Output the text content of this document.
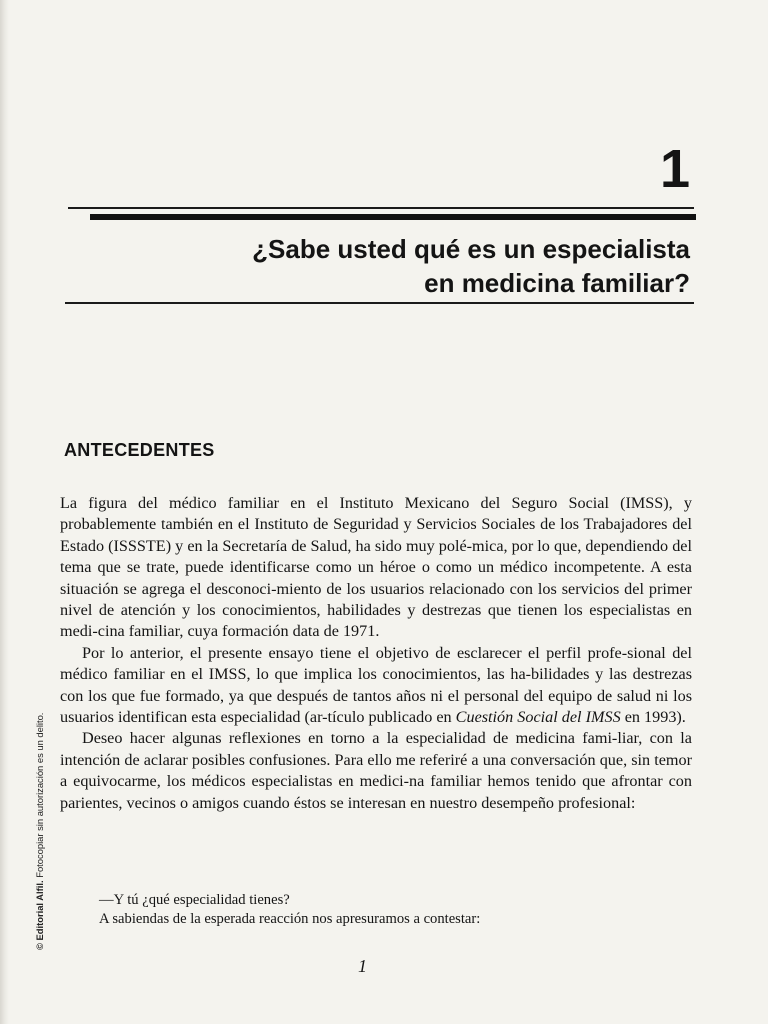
1
¿Sabe usted qué es un especialista
en medicina familiar?
ANTECEDENTES

La figura del médico familiar en el Instituto Mexicano del Seguro Social (IMSS), y probablemente también en el Instituto de Seguridad y Servicios Sociales de los Trabajadores del Estado (ISSSTE) y en la Secretaría de Salud, ha sido muy polé-mica, por lo que, dependiendo del tema que se trate, puede identificarse como un héroe o como un médico incompetente. A esta situación se agrega el desconoci-miento de los usuarios relacionado con los servicios del primer nivel de atención y los conocimientos, habilidades y destrezas que tienen los especialistas en medi-cina familiar, cuya formación data de 1971.

Por lo anterior, el presente ensayo tiene el objetivo de esclarecer el perfil profe-sional del médico familiar en el IMSS, lo que implica los conocimientos, las ha-bilidades y las destrezas con los que fue formado, ya que después de tantos años ni el personal del equipo de salud ni los usuarios identifican esta especialidad (ar-tículo publicado en Cuestión Social del IMSS en 1993).

Deseo hacer algunas reflexiones en torno a la especialidad de medicina fami-liar, con la intención de aclarar posibles confusiones. Para ello me referiré a una conversación que, sin temor a equivocarme, los médicos especialistas en medici-na familiar hemos tenido que afrontar con parientes, vecinos o amigos cuando éstos se interesan en nuestro desempeño profesional:

—Y tú ¿qué especialidad tienes?
A sabiendas de la esperada reacción nos apresuramos a contestar:
1
© Editorial Alfil. Fotocopiar sin autorización es un delito.
